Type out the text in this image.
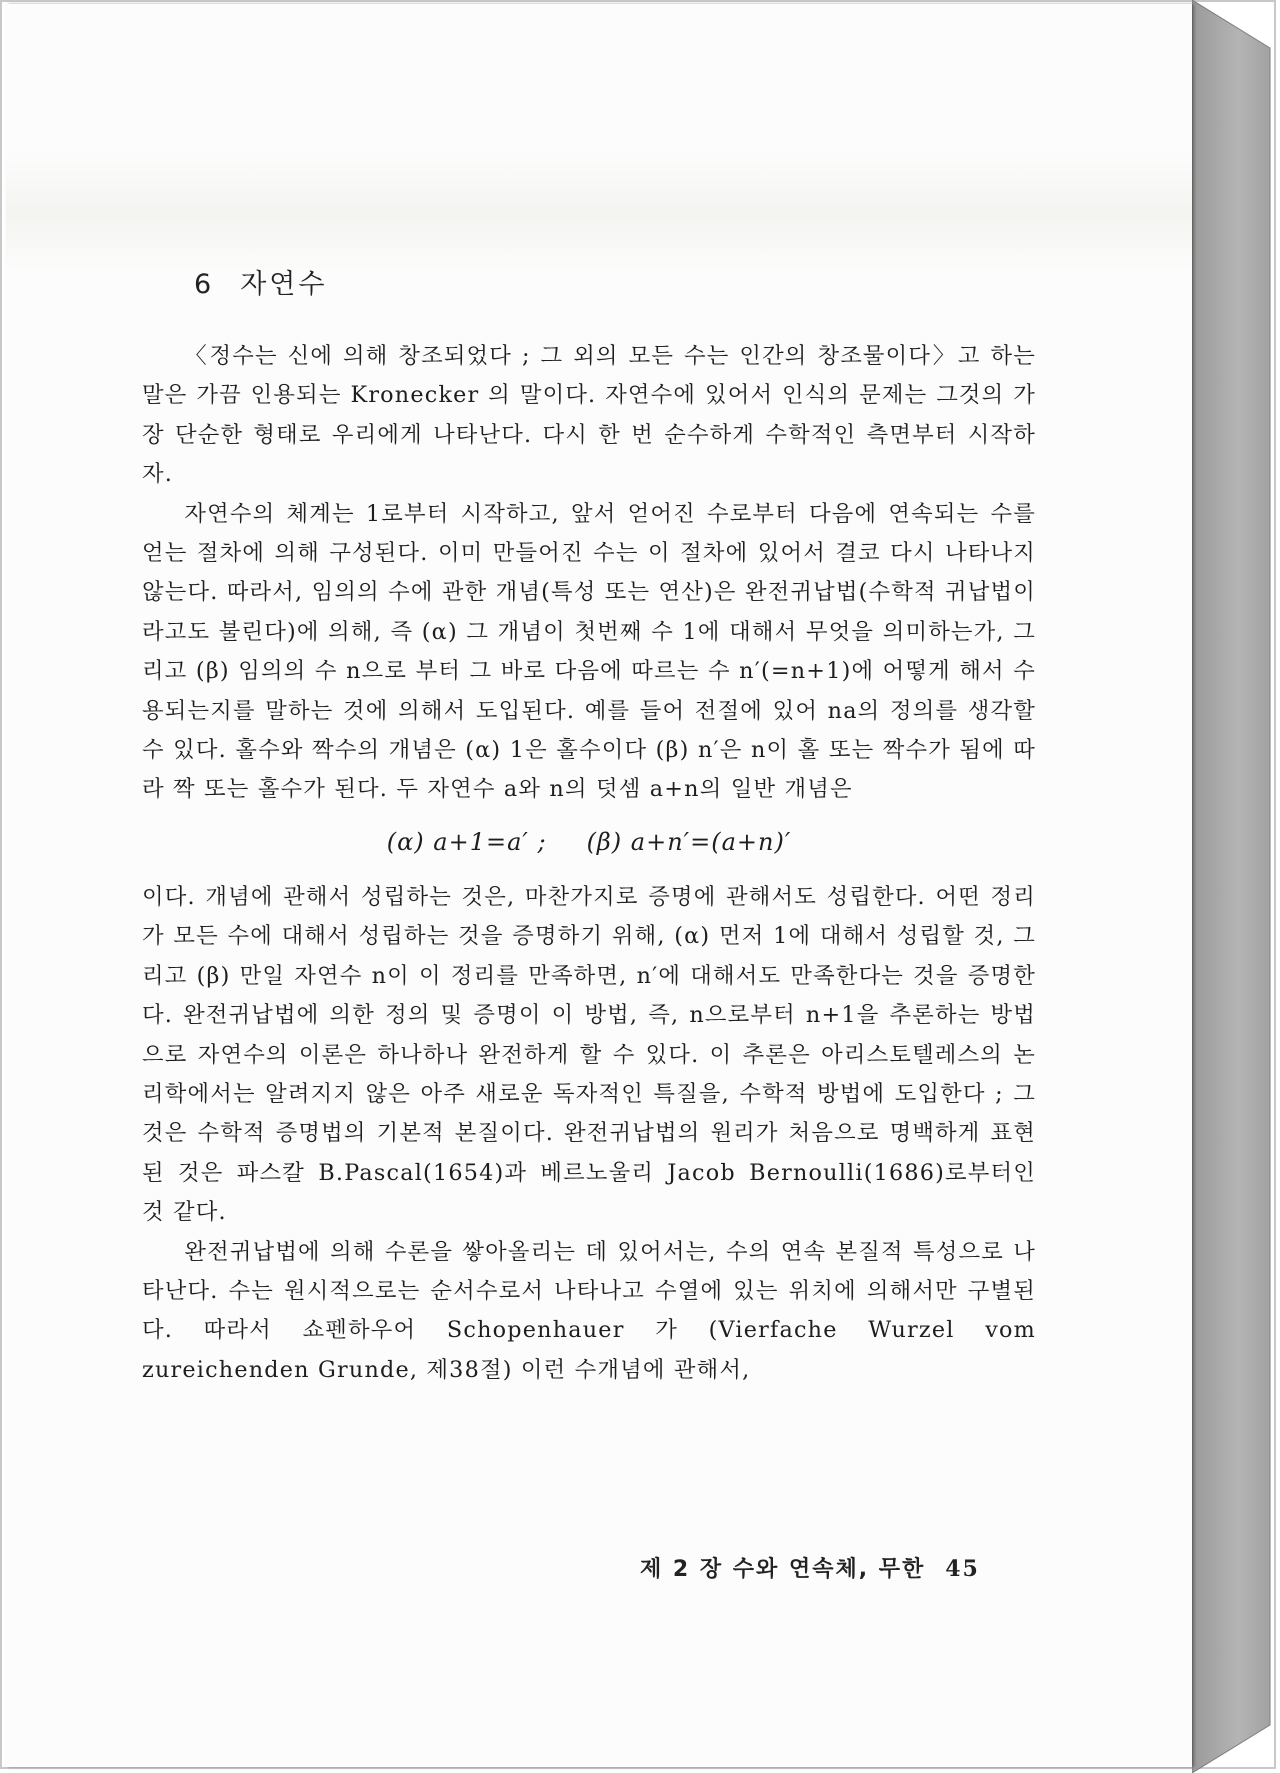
6 자연수

〈정수는 신에 의해 창조되었다 ; 그 외의 모든 수는 인간의 창조물이다〉고 하는 말은 가끔 인용되는 Kronecker 의 말이다. 자연수에 있어서 인식의 문제는 그것의 가장 단순한 형태로 우리에게 나타난다. 다시 한 번 순수하게 수학적인 측면부터 시작하자.

자연수의 체계는 1로부터 시작하고, 앞서 얻어진 수로부터 다음에 연속되는 수를 얻는 절차에 의해 구성된다. 이미 만들어진 수는 이 절차에 있어서 결코 다시 나타나지 않는다. 따라서, 임의의 수에 관한 개념(특성 또는 연산)은 완전귀납법(수학적 귀납법이라고도 불린다)에 의해, 즉 (α) 그 개념이 첫번째 수 1에 대해서 무엇을 의미하는가, 그리고 (β) 임의의 수 n으로 부터 그 바로 다음에 따르는 수 n′(=n+1)에 어떻게 해서 수용되는지를 말하는 것에 의해서 도입된다. 예를 들어 전절에 있어 na의 정의를 생각할 수 있다. 홀수와 짝수의 개념은 (α) 1은 홀수이다 (β) n′은 n이 홀 또는 짝수가 됨에 따라 짝 또는 홀수가 된다. 두 자연수 a와 n의 덧셈 a+n의 일반 개념은

(α) a+1=a′ ; (β) a+n′=(a+n)′

이다. 개념에 관해서 성립하는 것은, 마찬가지로 증명에 관해서도 성립한다. 어떤 정리가 모든 수에 대해서 성립하는 것을 증명하기 위해, (α) 먼저 1에 대해서 성립할 것, 그리고 (β) 만일 자연수 n이 이 정리를 만족하면, n′에 대해서도 만족한다는 것을 증명한다. 완전귀납법에 의한 정의 및 증명이 이 방법, 즉, n으로부터 n+1을 추론하는 방법으로 자연수의 이론은 하나하나 완전하게 할 수 있다. 이 추론은 아리스토텔레스의 논리학에서는 알려지지 않은 아주 새로운 독자적인 특질을, 수학적 방법에 도입한다 ; 그것은 수학적 증명법의 기본적 본질이다. 완전귀납법의 원리가 처음으로 명백하게 표현된 것은 파스칼 B.Pascal(1654)과 베르노울리 Jacob Bernoulli(1686)로부터인 것 같다.

완전귀납법에 의해 수론을 쌓아올리는 데 있어서는, 수의 연속 본질적 특성으로 나타난다. 수는 원시적으로는 순서수로서 나타나고 수열에 있는 위치에 의해서만 구별된다. 따라서 쇼펜하우어 Schopenhauer 가 (Vierfache Wurzel vom zureichenden Grunde, 제38절) 이런 수개념에 관해서,

제 2 장 수와 연속체, 무한 45
